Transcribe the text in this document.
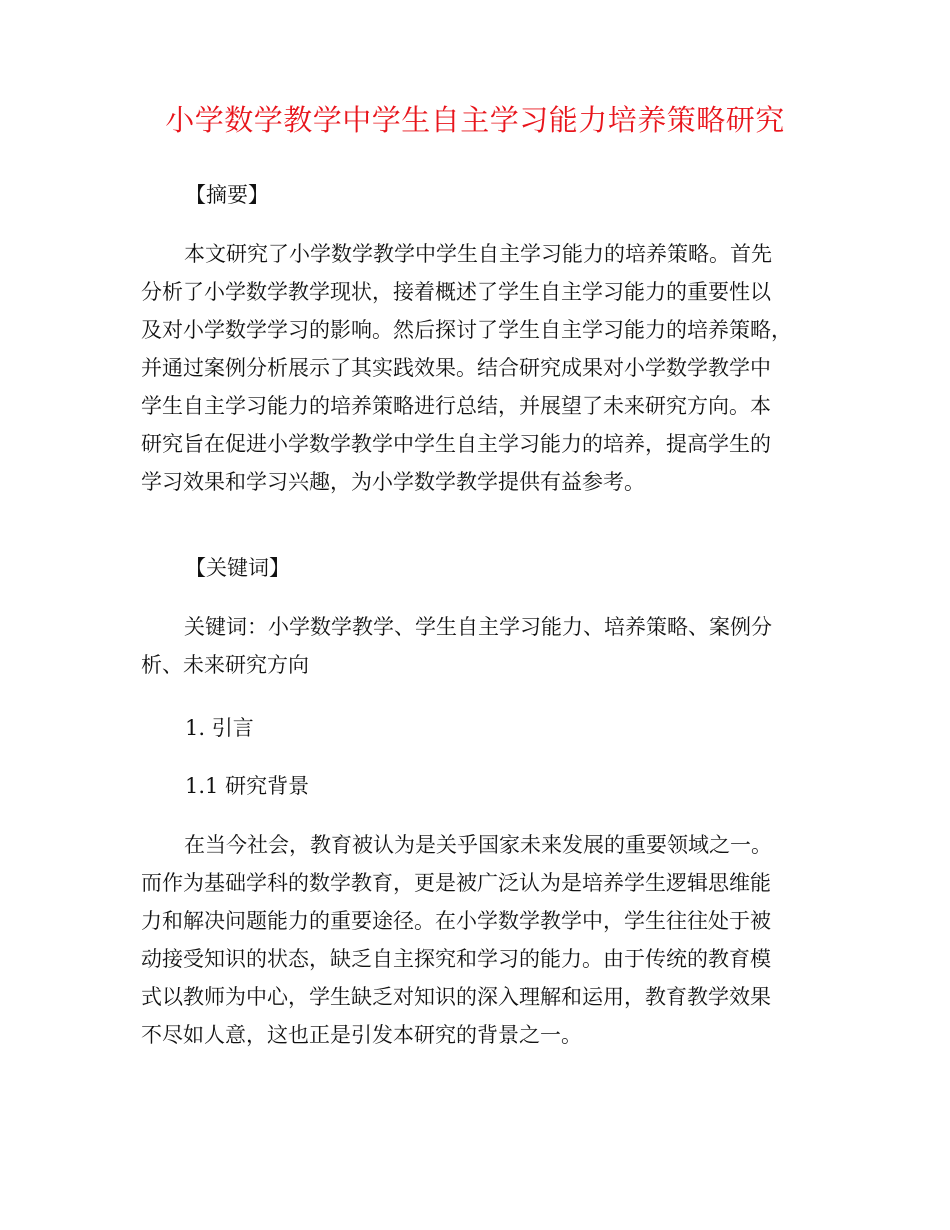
小学数学教学中学生自主学习能力培养策略研究
【摘要】
本文研究了小学数学教学中学生自主学习能力的培养策略。首先
分析了小学数学教学现状，接着概述了学生自主学习能力的重要性以
及对小学数学学习的影响。然后探讨了学生自主学习能力的培养策略，
并通过案例分析展示了其实践效果。结合研究成果对小学数学教学中
学生自主学习能力的培养策略进行总结，并展望了未来研究方向。本
研究旨在促进小学数学教学中学生自主学习能力的培养，提高学生的
学习效果和学习兴趣，为小学数学教学提供有益参考。
【关键词】
关键词：小学数学教学、学生自主学习能力、培养策略、案例分
析、未来研究方向
1. 引言
1.1 研究背景
在当今社会，教育被认为是关乎国家未来发展的重要领域之一。
而作为基础学科的数学教育，更是被广泛认为是培养学生逻辑思维能
力和解决问题能力的重要途径。在小学数学教学中，学生往往处于被
动接受知识的状态，缺乏自主探究和学习的能力。由于传统的教育模
式以教师为中心，学生缺乏对知识的深入理解和运用，教育教学效果
不尽如人意，这也正是引发本研究的背景之一。
